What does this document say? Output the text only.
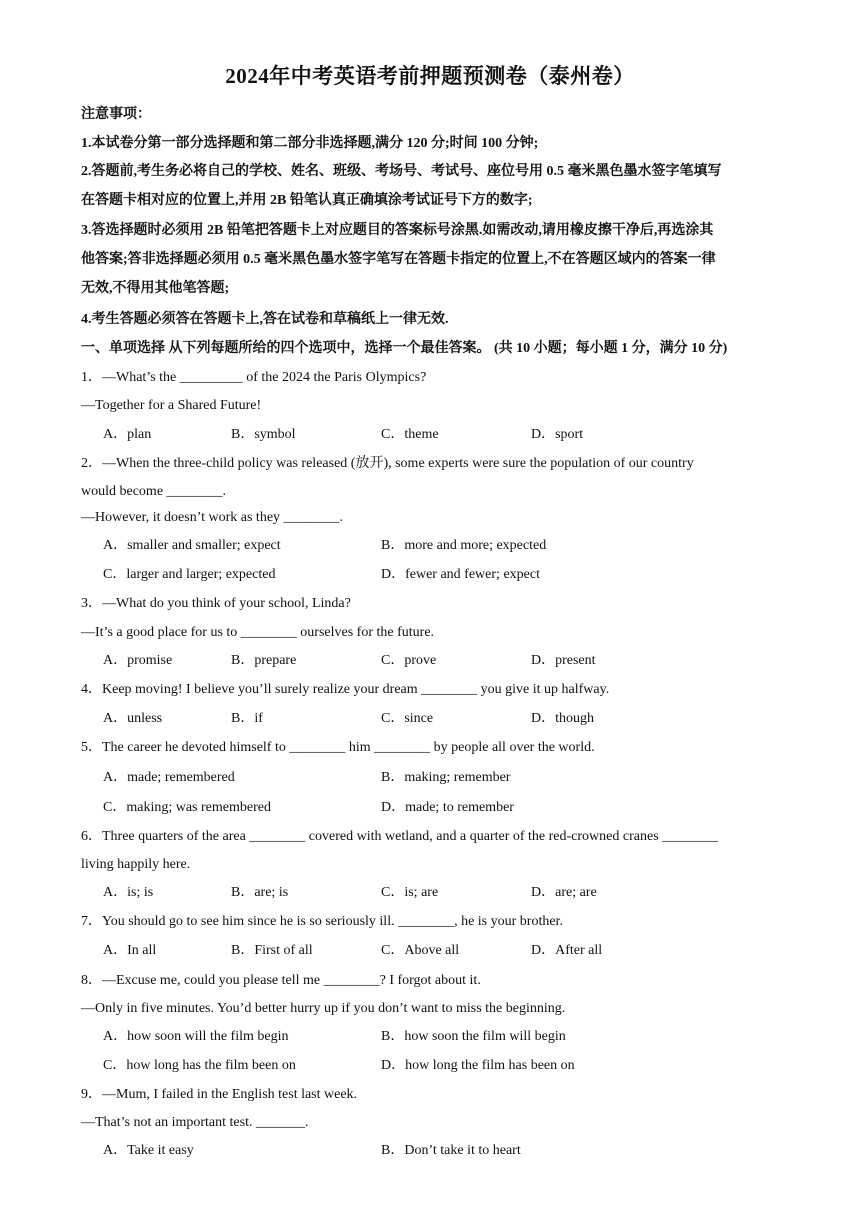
2024年中考英语考前押题预测卷（泰州卷）
注意事项：
1.本试卷分第一部分选择题和第二部分非选择题,满分 120 分;时间 100 分钟;
2.答题前,考生务必将自己的学校、姓名、班级、考场号、考试号、座位号用 0.5 毫米黑色墨水签字笔填写
在答题卡相对应的位置上,并用 2B 铅笔认真正确填涂考试证号下方的数字;
3.答选择题时必须用 2B 铅笔把答题卡上对应题目的答案标号涂黑.如需改动,请用橡皮擦干净后,再选涂其
他答案;答非选择题必须用 0.5 毫米黑色墨水签字笔写在答题卡指定的位置上,不在答题区域内的答案一律
无效,不得用其他笔答题;
4.考生答题必须答在答题卡上,答在试卷和草稿纸上一律无效.
一、单项选择 从下列每题所给的四个选项中，选择一个最佳答案。 (共 10 小题；每小题 1 分，满分 10 分)
1．—What’s the _________ of the 2024 the Paris Olympics?
—Together for a Shared Future!
A．plan	B．symbol	C．theme	D．sport
2．—When the three-child policy was released (放开), some experts were sure the population of our country
would become ________.
—However, it doesn’t work as they ________.
A．smaller and smaller; expect	B．more and more; expected
C．larger and larger; expected	D．fewer and fewer; expect
3．—What do you think of your school, Linda?
—It’s a good place for us to ________ ourselves for the future.
A．promise	B．prepare	C．prove	D．present
4．Keep moving! I believe you’ll surely realize your dream ________ you give it up halfway.
A．unless	B．if	C．since	D．though
5．The career he devoted himself to ________ him ________ by people all over the world.
A．made; remembered	B．making; remember
C．making; was remembered	D．made; to remember
6．Three quarters of the area ________ covered with wetland, and a quarter of the red-crowned cranes ________
living happily here.
A．is; is	B．are; is	C．is; are	D．are; are
7．You should go to see him since he is so seriously ill. ________, he is your brother.
A．In all	B．First of all	C．Above all	D．After all
8．—Excuse me, could you please tell me ________? I forgot about it.
—Only in five minutes. You’d better hurry up if you don’t want to miss the beginning.
A．how soon will the film begin	B．how soon the film will begin
C．how long has the film been on	D．how long the film has been on
9．—Mum, I failed in the English test last week.
—That’s not an important test. _______.
A．Take it easy	B．Don’t take it to heart
